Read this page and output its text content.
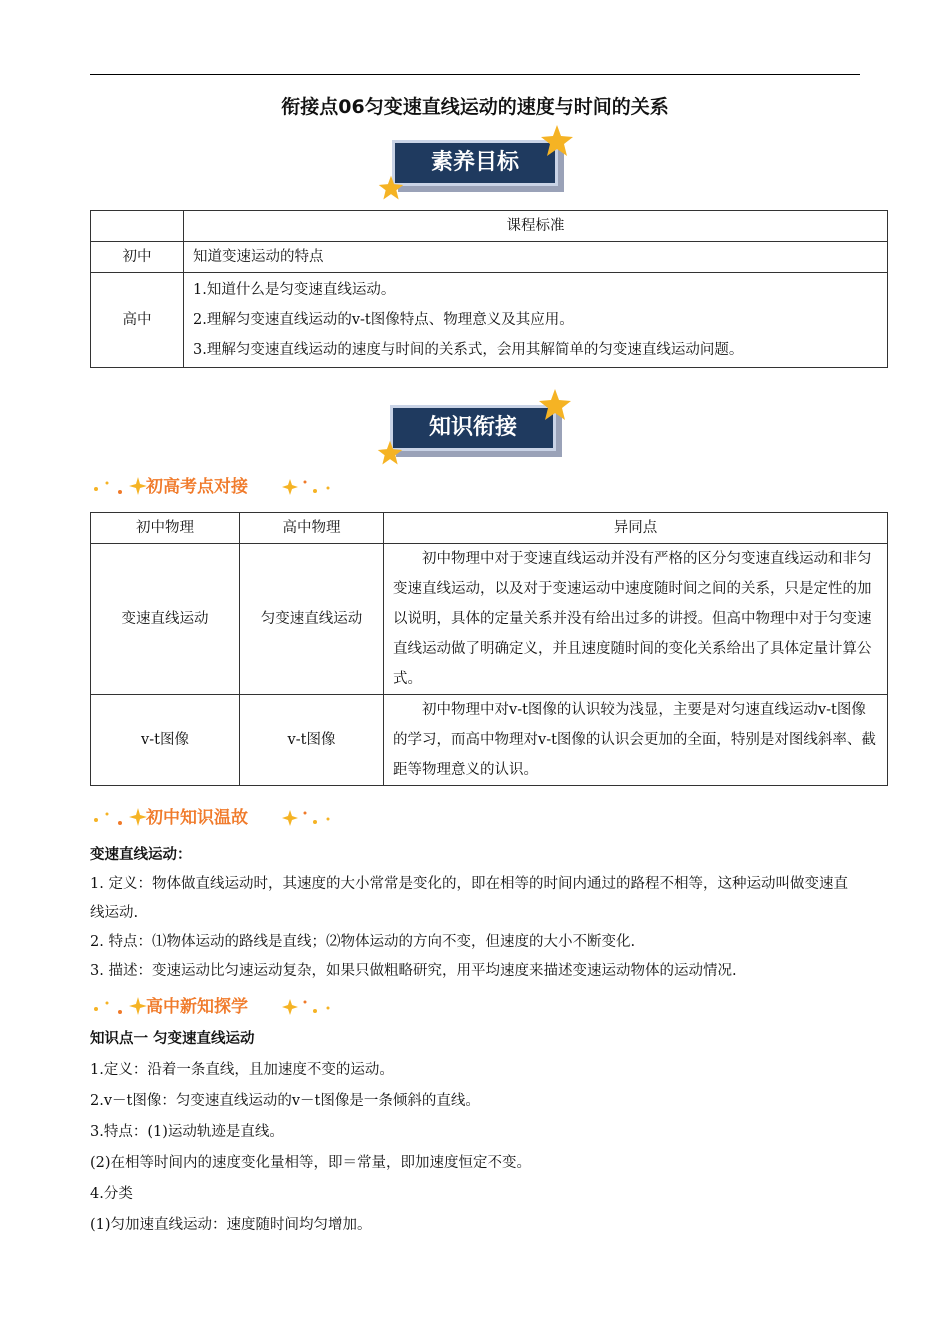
衔接点06匀变速直线运动的速度与时间的关系
素养目标
	课程标准
初中	知道变速运动的特点
高中	1.知道什么是匀变速直线运动。
2.理解匀变速直线运动的v-t图像特点、物理意义及其应用。
3.理解匀变速直线运动的速度与时间的关系式，会用其解简单的匀变速直线运动问题。
知识衔接
初高考点对接
初中物理	高中物理	异同点
变速直线运动	匀变速直线运动	初中物理中对于变速直线运动并没有严格的区分匀变速直线运动和非匀变速直线运动，以及对于变速运动中速度随时间之间的关系，只是定性的加以说明，具体的定量关系并没有给出过多的讲授。但高中物理中对于匀变速直线运动做了明确定义，并且速度随时间的变化关系给出了具体定量计算公式。
v-t图像	v-t图像	初中物理中对v-t图像的认识较为浅显，主要是对匀速直线运动v-t图像的学习，而高中物理对v-t图像的认识会更加的全面，特别是对图线斜率、截距等物理意义的认识。
初中知识温故
变速直线运动：
1. 定义：物体做直线运动时，其速度的大小常常是变化的，即在相等的时间内通过的路程不相等，这种运动叫做变速直线运动.
2. 特点：⑴物体运动的路线是直线；⑵物体运动的方向不变，但速度的大小不断变化.
3. 描述：变速运动比匀速运动复杂，如果只做粗略研究，用平均速度来描述变速运动物体的运动情况.
高中新知探学
知识点一 匀变速直线运动
1.定义：沿着一条直线，且加速度不变的运动。
2.v－t图像：匀变速直线运动的v－t图像是一条倾斜的直线。
3.特点：(1)运动轨迹是直线。
(2)在相等时间内的速度变化量相等，即＝常量，即加速度恒定不变。
4.分类
(1)匀加速直线运动：速度随时间均匀增加。
